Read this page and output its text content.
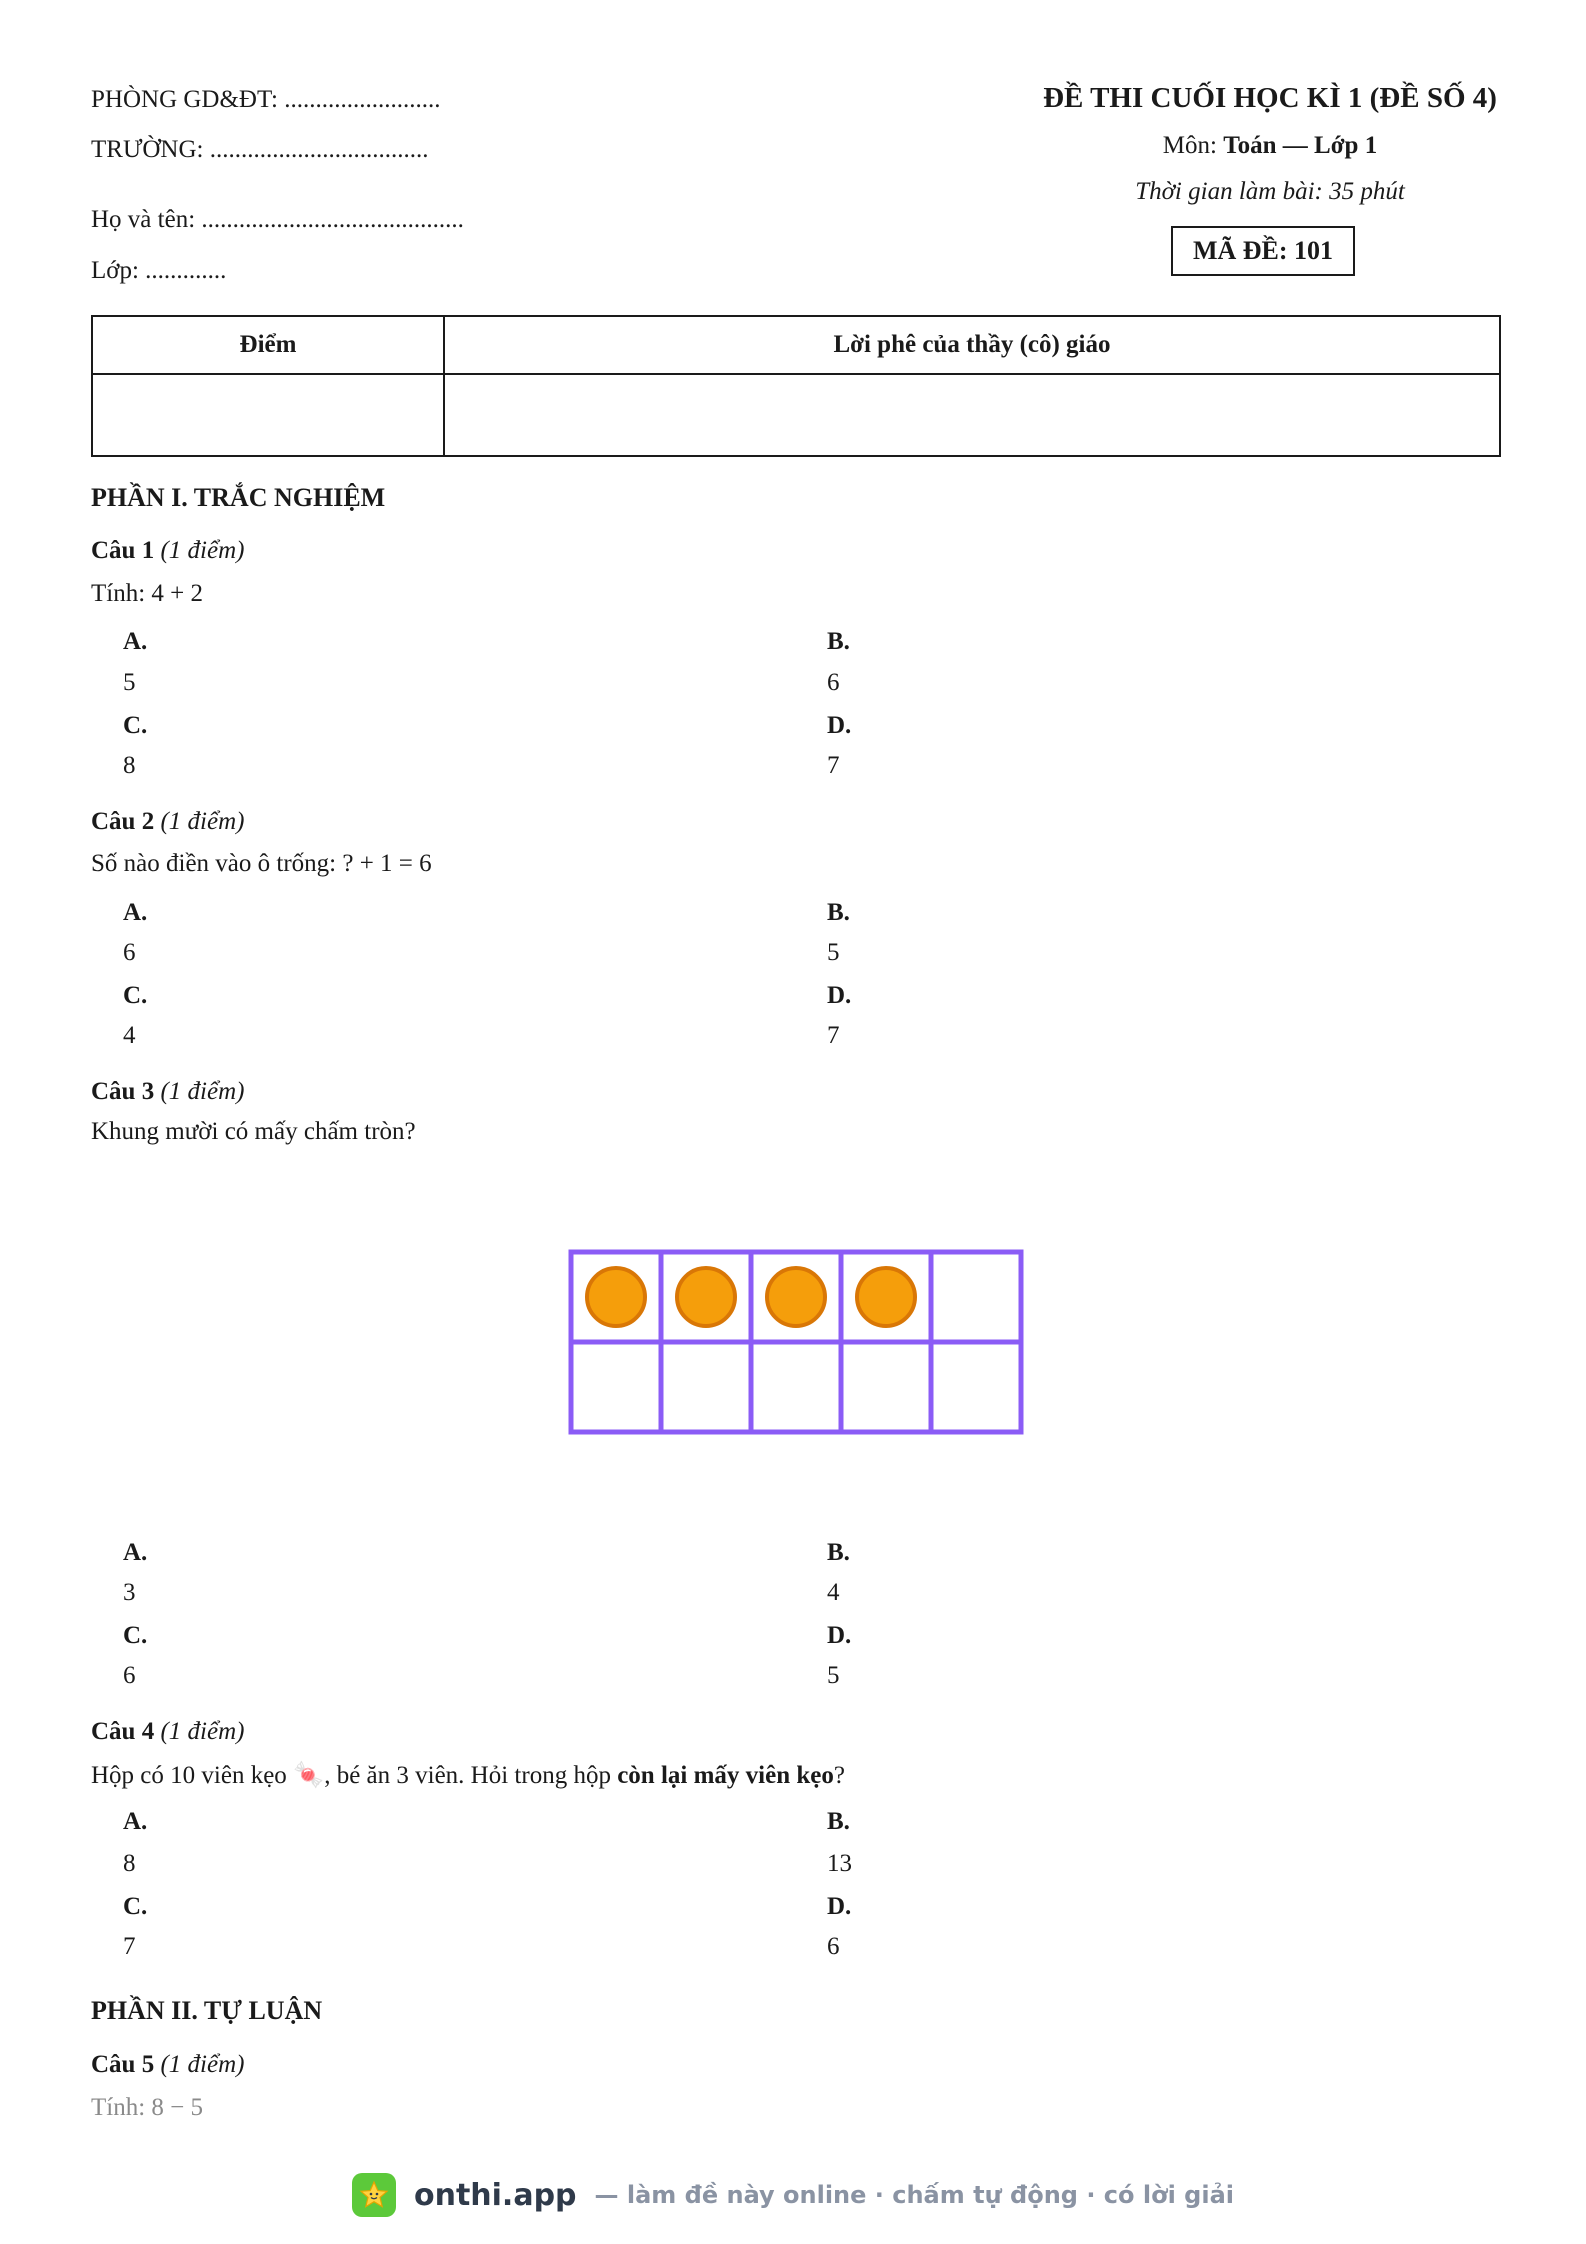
PHÒNG GD&ĐT: .........................
TRƯỜNG: ...................................
Họ và tên: ..........................................
Lớp: .............
ĐỀ THI CUỐI HỌC KÌ 1 (ĐỀ SỐ 4)
Môn: Toán — Lớp 1
Thời gian làm bài: 35 phút
MÃ ĐỀ: 101
Điểm	Lời phê của thầy (cô) giáo

PHẦN I. TRẮC NGHIỆM
Câu 1 (1 điểm)
Tính: 4 + 2
A.
5
B.
6
C.
8
D.
7
Câu 2 (1 điểm)
Số nào điền vào ô trống: ? + 1 = 6
A.
6
B.
5
C.
4
D.
7
Câu 3 (1 điểm)
Khung mười có mấy chấm tròn?
A.
3
B.
4
C.
6
D.
5
Câu 4 (1 điểm)
Hộp có 10 viên kẹo 🍬, bé ăn 3 viên. Hỏi trong hộp còn lại mấy viên kẹo?
A.
8
B.
13
C.
7
D.
6
PHẦN II. TỰ LUẬN
Câu 5 (1 điểm)
Tính: 8 − 5
onthi.app — làm đề này online · chấm tự động · có lời giải
